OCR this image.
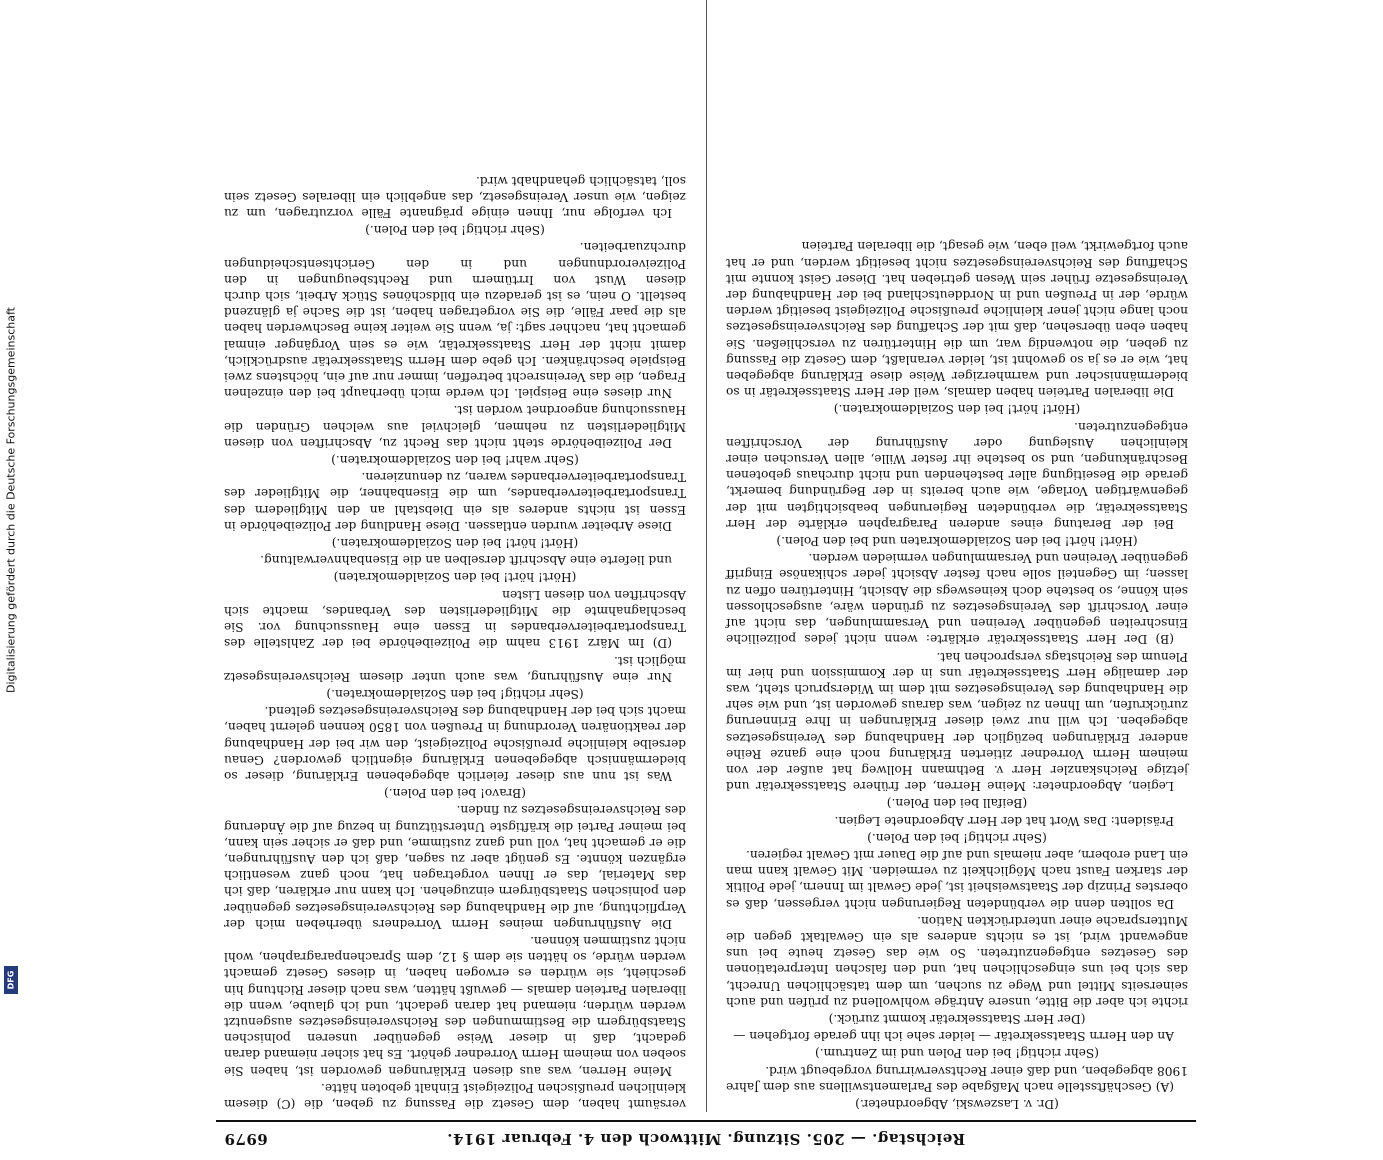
Digitalisierung gefördert durch die Deutsche Forschungsgemeinschaft
DFG
Reichstag. — 205. Sitzung. Mittwoch den 4. Februar 1914.
6979

(Dr. v. Laszewski, Abgeordneter.)

(A) Geschäftsstelle nach Maßgabe des Parlamentswillens aus dem Jahre 1908 abgegeben, und daß einer Rechtsverwirrung vorgebeugt wird.

(Sehr richtig! bei den Polen und im Zentrum.)

An den Herrn Staatssekretär — leider sehe ich ihn gerade fortgehen —

(Der Herr Staatssekretär kommt zurück.)

richte ich aber die Bitte, unsere Anträge wohlwollend zu prüfen und auch seinerseits Mittel und Wege zu suchen, um dem tatsächlichen Unrecht, das sich bei uns eingeschlichen hat, und den falschen Interpretationen des Gesetzes entgegenzutreten. So wie das Gesetz heute bei uns angewandt wird, ist es nichts anderes als ein Gewaltakt gegen die Muttersprache einer unterdrückten Nation.

Da sollten denn die verbündeten Regierungen nicht vergessen, daß es oberstes Prinzip der Staatsweisheit ist, jede Gewalt im Innern, jede Politik der starken Faust nach Möglichkeit zu vermeiden. Mit Gewalt kann man ein Land erobern, aber niemals und auf die Dauer mit Gewalt regieren.

(Sehr richtig! bei den Polen.)

Präsident: Das Wort hat der Herr Abgeordnete Legien.

(Beifall bei den Polen.)

Legien, Abgeordneter: Meine Herren, der frühere Staatssekretär und jetzige Reichskanzler Herr v. Bethmann Hollweg hat außer der von meinem Herrn Vorredner zitierten Erklärung noch eine ganze Reihe anderer Erklärungen bezüglich der Handhabung des Vereinsgesetzes abgegeben. Ich will nur zwei dieser Erklärungen in Ihre Erinnerung zurückrufen, um Ihnen zu zeigen, was daraus geworden ist, und wie sehr die Handhabung des Vereinsgesetzes mit dem im Widerspruch steht, was der damalige Herr Staatssekretär uns in der Kommission und hier im Plenum des Reichstags versprochen hat.

(B) Der Herr Staatssekretär erklärte: wenn nicht jedes polizeiliche Einschreiten gegenüber Vereinen und Versammlungen, das nicht auf einer Vorschrift des Vereinsgesetzes zu gründen wäre, ausgeschlossen sein könne, so bestehe doch keineswegs die Absicht, Hintertüren offen zu lassen; im Gegenteil solle nach fester Absicht jeder schikanöse Eingriff gegenüber Vereinen und Versammlungen vermieden werden.

(Hört! hört! bei den Sozialdemokraten und bei den Polen.)

Bei der Beratung eines anderen Paragraphen erklärte der Herr Staatssekretär, die verbündeten Regierungen beabsichtigten mit der gegenwärtigen Vorlage, wie auch bereits in der Begründung bemerkt, gerade die Beseitigung aller bestehenden und nicht durchaus gebotenen Beschränkungen, und so bestehe ihr fester Wille, allen Versuchen einer kleinlichen Auslegung oder Ausführung der Vorschriften entgegenzutreten.

(Hört! hört! bei den Sozialdemokraten.)

Die liberalen Parteien haben damals, weil der Herr Staatssekretär in so biedermännischer und warmherziger Weise diese Erklärung abgegeben hat, wie er es ja so gewohnt ist, leider veranlaßt, dem Gesetz die Fassung zu geben, die notwendig war, um die Hintertüren zu verschließen. Sie haben eben übersehen, daß mit der Schaffung des Reichsvereinsgesetzes noch lange nicht jener kleinliche preußische Polizeigeist beseitigt werden würde, der in Preußen und in Norddeutschland bei der Handhabung der Vereinsgesetze früher sein Wesen getrieben hat. Dieser Geist konnte mit Schaffung des Reichsvereinsgesetzes nicht beseitigt werden, und er hat auch fortgewirkt, weil eben, wie gesagt, die liberalen Parteien

versäumt haben, dem Gesetz die Fassung zu geben, die (C) diesem kleinlichen preußischen Polizeigeist Einhalt geboten hätte.

Meine Herren, was aus diesen Erklärungen geworden ist, haben Sie soeben von meinem Herrn Vorredner gehört. Es hat sicher niemand daran gedacht, daß in dieser Weise gegenüber unseren polnischen Staatsbürgern die Bestimmungen des Reichsvereinsgesetzes ausgenutzt werden würden; niemand hat daran gedacht, und ich glaube, wenn die liberalen Parteien damals — gewußt hätten, was nach dieser Richtung hin geschieht, sie würden es erwogen haben, in dieses Gesetz gemacht werden würde, so hätten sie dem § 12, dem Sprachenparagraphen, wohl nicht zustimmen können.

Die Ausführungen meines Herrn Vorredners überheben mich der Verpflichtung, auf die Handhabung des Reichsvereinsgesetzes gegenüber den polnischen Staatsbürgern einzugehen. Ich kann nur erklären, daß ich das Material, das er Ihnen vorgetragen hat, noch ganz wesentlich ergänzen könnte. Es genügt aber zu sagen, daß ich den Ausführungen, die er gemacht hat, voll und ganz zustimme, und daß er sicher sein kann, bei meiner Partei die kräftigste Unterstützung in bezug auf die Änderung des Reichsvereinsgesetzes zu finden.

(Bravo! bei den Polen.)

Was ist nun aus dieser feierlich abgegebenen Erklärung, dieser so biedermännisch abgegebenen Erklärung eigentlich geworden? Genau derselbe kleinliche preußische Polizeigeist, den wir bei der Handhabung der reaktionären Verordnung in Preußen von 1850 kennen gelernt haben, macht sich bei der Handhabung des Reichsvereinsgesetzes geltend.

(Sehr richtig! bei den Sozialdemokraten.)

Nur eine Ausführung, was auch unter diesem Reichsvereinsgesetz möglich ist.

(D) Im März 1913 nahm die Polizeibehörde bei der Zahlstelle des Transportarbeiterverbandes in Essen eine Haussuchung vor. Sie beschlagnahmte die Mitgliederlisten des Verbandes, machte sich Abschriften von diesen Listen

(Hört! hört! bei den Sozialdemokraten)

und lieferte eine Abschrift derselben an die Eisenbahnverwaltung.

(Hört! hört! bei den Sozialdemokraten.)

Diese Arbeiter wurden entlassen. Diese Handlung der Polizeibehörde in Essen ist nichts anderes als ein Diebstahl an den Mitgliedern des Transportarbeiterverbandes, um die Eisenbahner, die Mitglieder des Transportarbeiterverbandes waren, zu denunzieren.

(Sehr wahr! bei den Sozialdemokraten.)

Der Polizeibehörde steht nicht das Recht zu, Abschriften von diesen Mitgliederlisten zu nehmen, gleichviel aus welchen Gründen die Haussuchung angeordnet worden ist.

Nur dieses eine Beispiel. Ich werde mich überhaupt bei den einzelnen Fragen, die das Vereinsrecht betreffen, immer nur auf ein, höchstens zwei Beispiele beschränken. Ich gebe dem Herrn Staatssekretär ausdrücklich, damit nicht der Herr Staatssekretär, wie es sein Vorgänger einmal gemacht hat, nachher sagt: ja, wenn Sie weiter keine Beschwerden haben als die paar Fälle, die Sie vorgetragen haben, ist die Sache ja glänzend bestellt. O nein, es ist geradezu ein bildschönes Stück Arbeit, sich durch diesen Wust von Irrtümern und Rechtsbeugungen in den Polizeiverordnungen und in den Gerichtsentscheidungen durchzuarbeiten.

(Sehr richtig! bei den Polen.)

Ich verfolge nur, Ihnen einige prägnante Fälle vorzutragen, um zu zeigen, wie unser Vereinsgesetz, das angeblich ein liberales Gesetz sein soll, tatsächlich gehandhabt wird.
